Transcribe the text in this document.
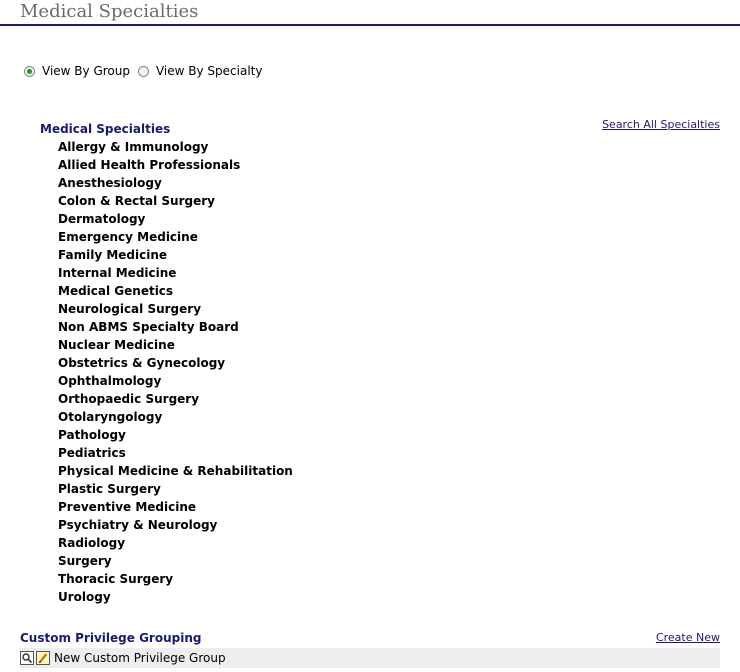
Medical Specialties
View By Group View By Specialty
Medical Specialties	Search All Specialties
Allergy & Immunology
Allied Health Professionals
Anesthesiology
Colon & Rectal Surgery
Dermatology
Emergency Medicine
Family Medicine
Internal Medicine
Medical Genetics
Neurological Surgery
Non ABMS Specialty Board
Nuclear Medicine
Obstetrics & Gynecology
Ophthalmology
Orthopaedic Surgery
Otolaryngology
Pathology
Pediatrics
Physical Medicine & Rehabilitation
Plastic Surgery
Preventive Medicine
Psychiatry & Neurology
Radiology
Surgery
Thoracic Surgery
Urology
Custom Privilege Grouping	Create New
New Custom Privilege Group
